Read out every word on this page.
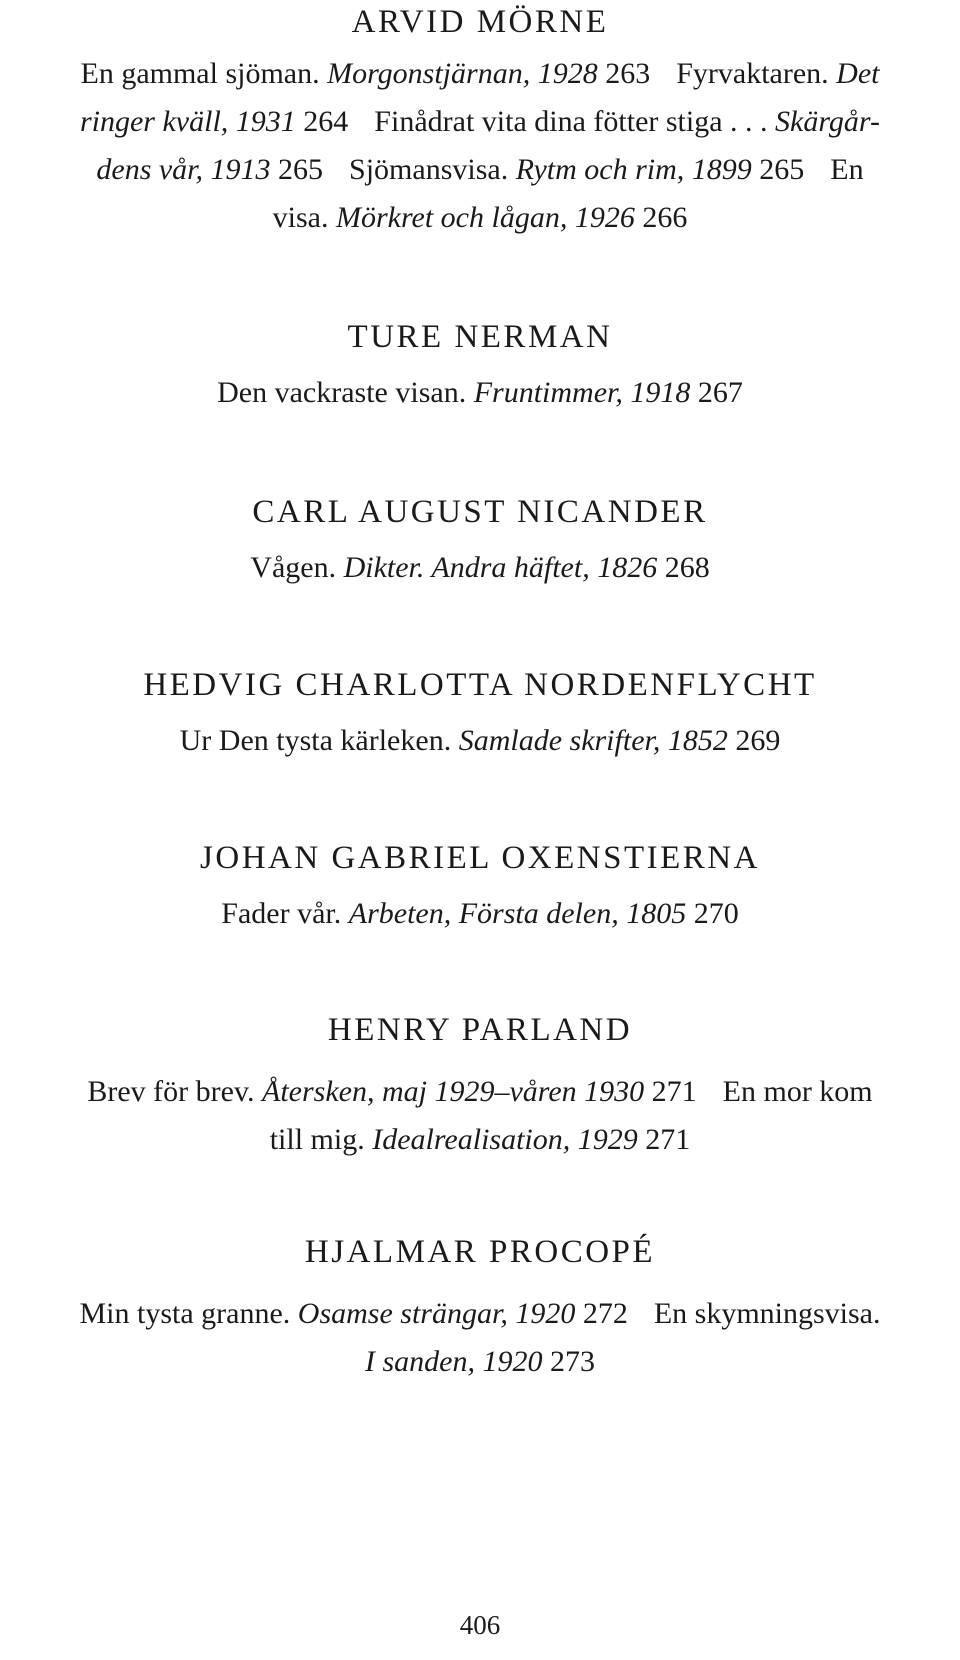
ARVID MÖRNE

En gammal sjöman. Morgonstjärnan, 1928 263 Fyrvaktaren. Det

ringer kväll, 1931 264 Finådrat vita dina fötter stiga . . . Skärgår-

dens vår, 1913 265 Sjömansvisa. Rytm och rim, 1899 265 En

visa. Mörkret och lågan, 1926 266

TURE NERMAN

Den vackraste visan. Fruntimmer, 1918 267

CARL AUGUST NICANDER

Vågen. Dikter. Andra häftet, 1826 268

HEDVIG CHARLOTTA NORDENFLYCHT

Ur Den tysta kärleken. Samlade skrifter, 1852 269

JOHAN GABRIEL OXENSTIERNA

Fader vår. Arbeten, Första delen, 1805 270

HENRY PARLAND

Brev för brev. Återsken, maj 1929–våren 1930 271 En mor kom

till mig. Idealrealisation, 1929 271

HJALMAR PROCOPÉ

Min tysta granne. Osamse strängar, 1920 272 En skymningsvisa.

I sanden, 1920 273

406
